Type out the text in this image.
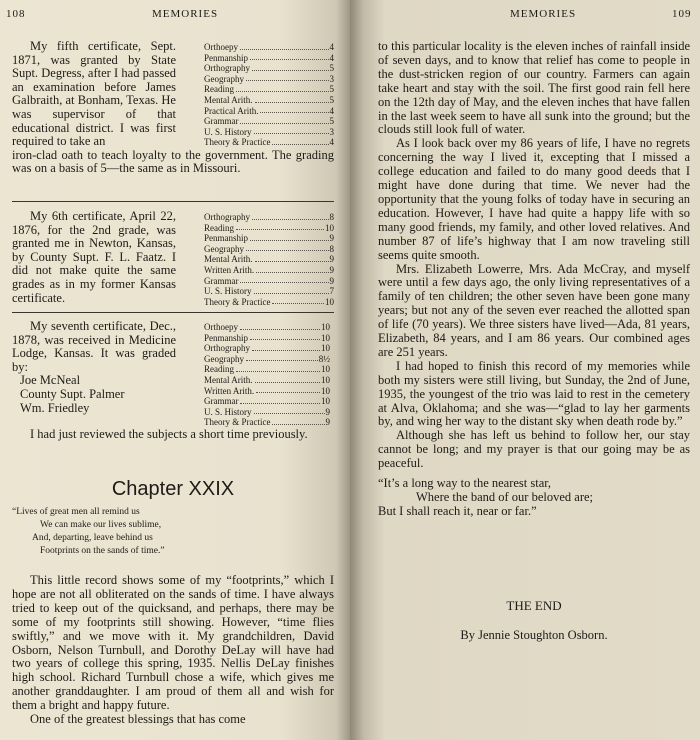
108	MEMORIES

My fifth certificate, Sept. 1871, was granted by State Supt. Degress, after I had passed an examination before James Galbraith, at Bonham, Texas. He was supervisor of that educational district. I was first required to take an

Orthoepy	4
Penmanship	4
Orthography	5
Geography	3
Reading	5
Mental Arith.	5
Practical Arith.	4
Grammar	5
U. S. History	3
Theory & Practice	4

iron-clad oath to teach loyalty to the government. The grading was on a basis of 5—the same as in Missouri.

My 6th certificate, April 22, 1876, for the 2nd grade, was granted me in Newton, Kansas, by County Supt. F. L. Faatz. I did not make quite the same grades as in my former Kansas certificate.

Orthography	8
Reading	10
Penmanship	9
Geography	8
Mental Arith.	9
Written Arith.	9
Grammar	9
U. S. History	7
Theory & Practice	10

My seventh certificate, Dec., 1878, was received in Medicine Lodge, Kansas. It was graded by:

Joe McNeal
County Supt. Palmer
Wm. Friedley
Orthoepy	10
Penmanship	10
Orthography	10
Geography	8½
Reading	10
Mental Arith.	10
Written Arith.	10
Grammar	10
U. S. History	9
Theory & Practice	9

I had just reviewed the subjects a short time previously.

Chapter XXIX
“Lives of great men all remind us
We can make our lives sublime,
And, departing, leave behind us
Footprints on the sands of time.”

This little record shows some of my “footprints,” which I hope are not all obliterated on the sands of time. I have always tried to keep out of the quicksand, and perhaps, there may be some of my footprints still showing. However, “time flies swiftly,” and we move with it. My grandchildren, David Osborn, Nelson Turnbull, and Dorothy DeLay will have had two years of college this spring, 1935. Nellis DeLay finishes high school. Richard Turnbull chose a wife, which gives me another granddaughter. I am proud of them all and wish for them a bright and happy future.

One of the greatest blessings that has come

MEMORIES	109

to this particular locality is the eleven inches of rainfall inside of seven days, and to know that relief has come to people in the dust-stricken region of our country. Farmers can again take heart and stay with the soil. The first good rain fell here on the 12th day of May, and the eleven inches that have fallen in the last week seem to have all sunk into the ground; but the clouds still look full of water.

As I look back over my 86 years of life, I have no regrets concerning the way I lived it, excepting that I missed a college education and failed to do many good deeds that I might have done during that time. We never had the opportunity that the young folks of today have in securing an education. However, I have had quite a happy life with so many good friends, my family, and other loved relatives. And number 87 of life’s highway that I am now traveling still seems quite smooth.

Mrs. Elizabeth Lowerre, Mrs. Ada McCray, and myself were until a few days ago, the only living representatives of a family of ten children; the other seven have been gone many years; but not any of the seven ever reached the allotted span of life (70 years). We three sisters have lived—Ada, 81 years, Elizabeth, 84 years, and I am 86 years. Our combined ages are 251 years.

I had hoped to finish this record of my memories while both my sisters were still living, but Sunday, the 2nd of June, 1935, the youngest of the trio was laid to rest in the cemetery at Alva, Oklahoma; and she was—“glad to lay her garments by, and wing her way to the distant sky when death rode by.”

Although she has left us behind to follow her, our stay cannot be long; and my prayer is that our going may be as peaceful.

“It’s a long way to the nearest star,
Where the band of our beloved are;
But I shall reach it, near or far.”
THE END
By Jennie Stoughton Osborn.
